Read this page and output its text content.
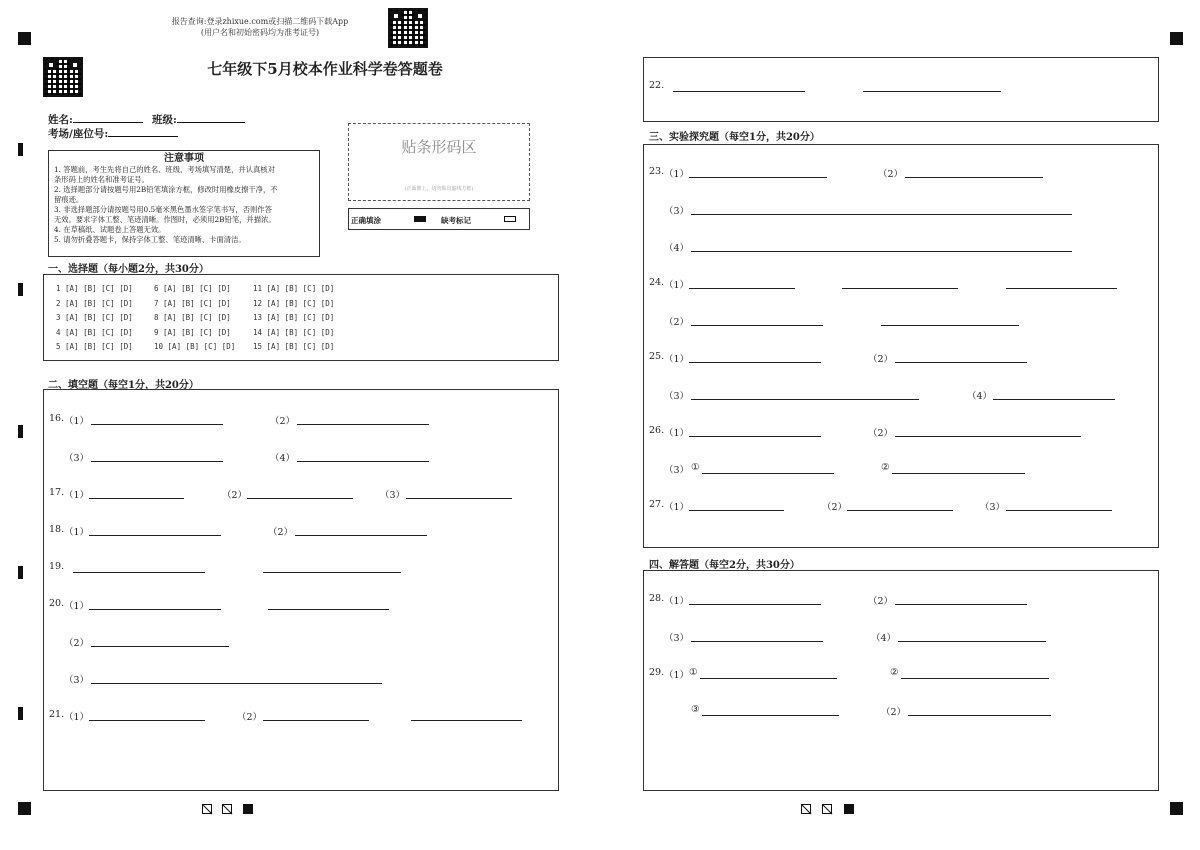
报告查询:登录zhixue.com或扫描二维码下载App
(用户名和初始密码均为准考证号)
七年级下5月校本作业科学卷答题卷
姓名:	班级:
考场/座位号:
注意事项
1. 答题前，考生先将自己的姓名、班级、考场填写清楚，并认真核对
条形码上的姓名和准考证号。
2. 选择题部分请按题号用2B铅笔填涂方框，修改时用橡皮擦干净，不
留痕迹。
3. 非选择题部分请按题号用0.5毫米黑色墨水签字笔书写，否则作答
无效。要求字体工整、笔迹清晰。作图时，必须用2B铅笔，并描浓。
4. 在草稿纸、试题卷上答题无效。
5. 请勿折叠答题卡，保持字体工整、笔迹清晰、卡面清洁。
贴条形码区
(正面朝上，切勿贴出虚线方框)
正确填涂	缺考标记
一、选择题（每小题2分，共30分）
1 [A] [B] [C] [D]
2 [A] [B] [C] [D]
3 [A] [B] [C] [D]
4 [A] [B] [C] [D]
5 [A] [B] [C] [D]
6 [A] [B] [C] [D]
7 [A] [B] [C] [D]
8 [A] [B] [C] [D]
9 [A] [B] [C] [D]
10 [A] [B] [C] [D]
11 [A] [B] [C] [D]
12 [A] [B] [C] [D]
13 [A] [B] [C] [D]
14 [A] [B] [C] [D]
15 [A] [B] [C] [D]
二、填空题（每空1分，共20分）
三、实验探究题（每空1分，共20分）
四、解答题（每空2分，共30分）
16. （1）	（2）
（3）	（4）
17. （1）	（2）	（3）
18. （1）	（2）
19.
20. （1）
（2）
（3）
21. （1）	（2）
22.
23. （1）	（2）
（3）
（4）
24. （1）
（2）
25. （1）	（2）
（3）	（4）
26. （1）	（2）
（3） ①	②
27. （1）	（2）	（3）
28. （1）	（2）
（3）	（4）
29. （1） ①	②
③	（2）
